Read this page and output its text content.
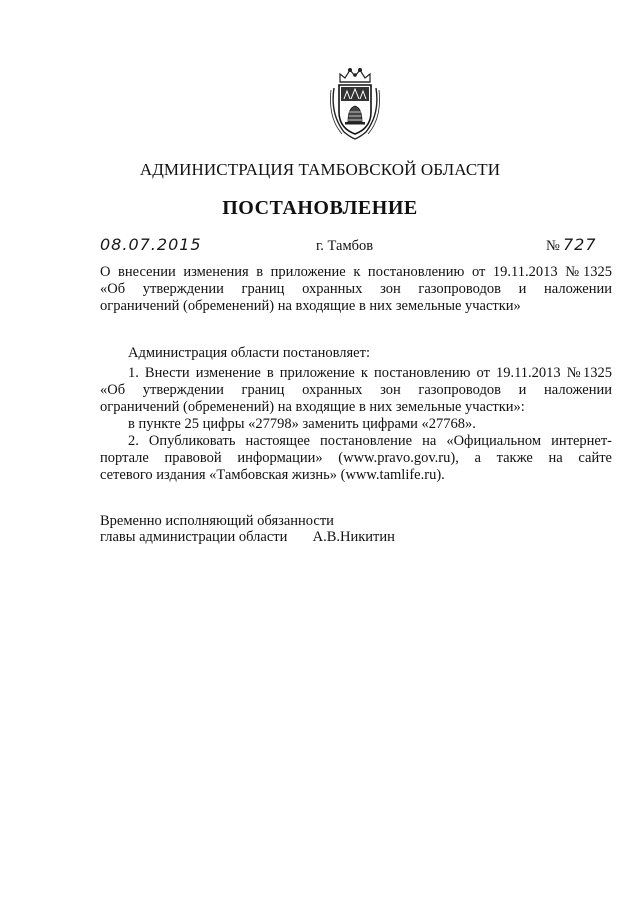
АДМИНИСТРАЦИЯ ТАМБОВСКОЙ ОБЛАСТИ
ПОСТАНОВЛЕНИЕ
08.07.2015	г. Тамбов	№ 727
О внесении изменения в приложение к постановлению от 19.11.2013 №1325
«Об утверждении границ охранных зон газопроводов и наложении
ограничений (обременений) на входящие в них земельные участки»

Администрация области постановляет:

1. Внести изменение в приложение к постановлению от 19.11.2013 №1325

«Об утверждении границ охранных зон газопроводов и наложении

ограничений (обременений) на входящие в них земельные участки»:

в пункте 25 цифры «27798» заменить цифрами «27768».

2. Опубликовать настоящее постановление на «Официальном интернет-

портале правовой информации» (www.pravo.gov.ru), а также на сайте

сетевого издания «Тамбовская жизнь» (www.tamlife.ru).

Временно исполняющий обязанности
главы администрации области А.В.Никитин
